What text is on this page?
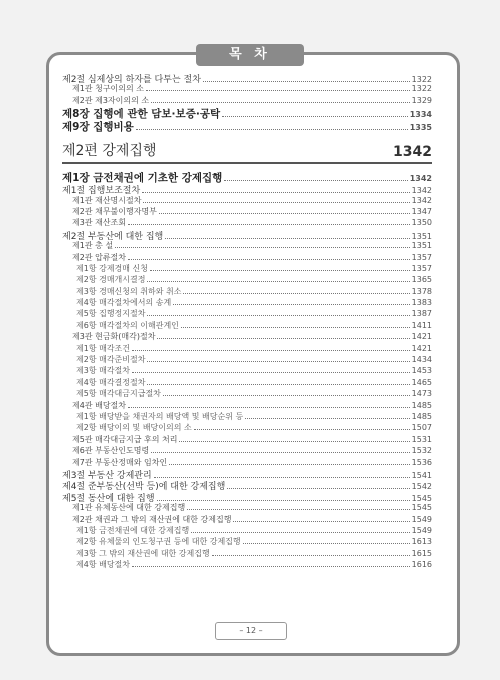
목 차
제2절 심제상의 하자를 다투는 절차	1322
제1관 청구이의의 소	1322
제2관 제3자이의의 소	1329
제8장 집행에 관한 담보·보증·공탁	1334
제9장 집행비용	1335
제2편 강제집행	1342
제1장 금전채권에 기초한 강제집행	1342
제1절 집행보조절차	1342
제1관 재산명시절차	1342
제2관 채무불이행자명부	1347
제3관 재산조회	1350
제2절 부동산에 대한 집행	1351
제1관 총 설	1351
제2관 압류절차	1357
제1항 강제경매 신청	1357
제2항 경매개시결정	1365
제3항 경매신청의 취하와 취소	1378
제4항 매각절차에서의 송계	1383
제5항 집행정지절차	1387
제6항 매각절차의 이해관계인	1411
제3관 현금화(매각)절차	1421
제1항 매각조건	1421
제2항 매각준비절차	1434
제3항 매각절차	1453
제4항 매각결정절차	1465
제5항 매각대금지급절차	1473
제4관 배당절차	1485
제1항 배당받을 채권자의 배당액 및 배당순위 등	1485
제2항 배당이의 및 배당이의의 소	1507
제5관 매각대금지급 후의 처리	1531
제6관 부동산인도명령	1532
제7관 부동산정매와 임차인	1536
제3절 부동산 강제관리	1541
제4절 준부동산(선박 등)에 대한 강제집행	1542
제5절 동산에 대한 집행	1545
제1관 유체동산에 대한 강제집행	1545
제2관 채권과 그 밖의 재산권에 대한 강제집행	1549
제1항 금전채권에 대한 강제집행	1549
제2항 유체물의 인도청구권 등에 대한 강제집행	1613
제3항 그 밖의 재산권에 대한 강제집행	1615
제4항 배당절차	1616
– 12 –
